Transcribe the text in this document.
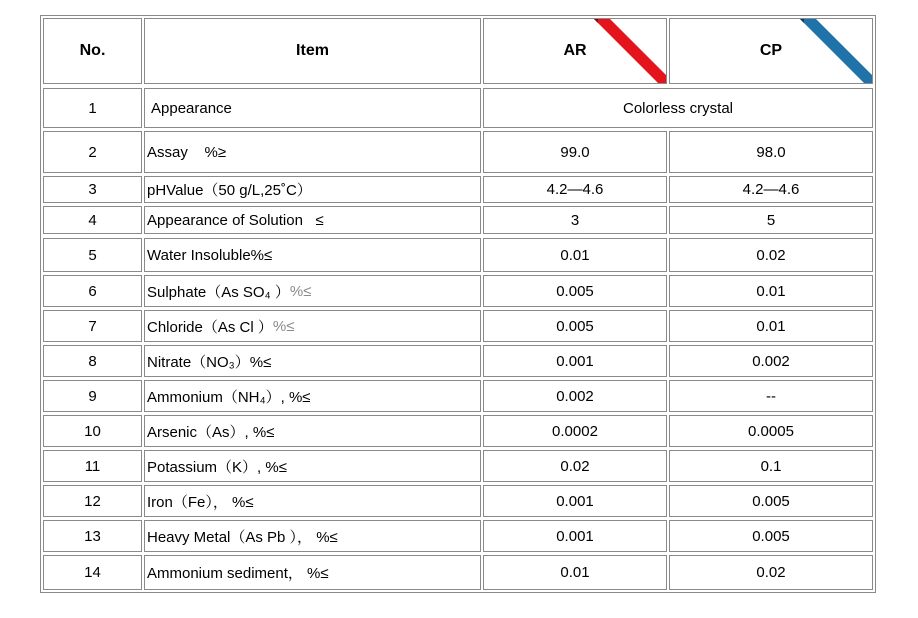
No.	Item	AR	CP
1	Appearance	Colorless crystal
2	Assay    %≥	99.0	98.0
3	pHValue（50 g/L,25˚C）	4.2—4.6	4.2—4.6
4	Appearance of Solution   ≤	3	5
5	Water Insoluble%≤	0.01	0.02
6	Sulphate（As SO₄ ） %≤	0.005	0.01
7	Chloride（As Cl ） %≤	0.005	0.01
8	Nitrate（NO₃）%≤	0.001	0.002
9	Ammonium（NH₄）, %≤	0.002	--
10	Arsenic（As）, %≤	0.0002	0.0005
11	Potassium（K）, %≤	0.02	0.1
12	Iron（Fe）， %≤	0.001	0.005
13	Heavy Metal（As Pb ）， %≤	0.001	0.005
14	Ammonium sediment， %≤	0.01	0.02
